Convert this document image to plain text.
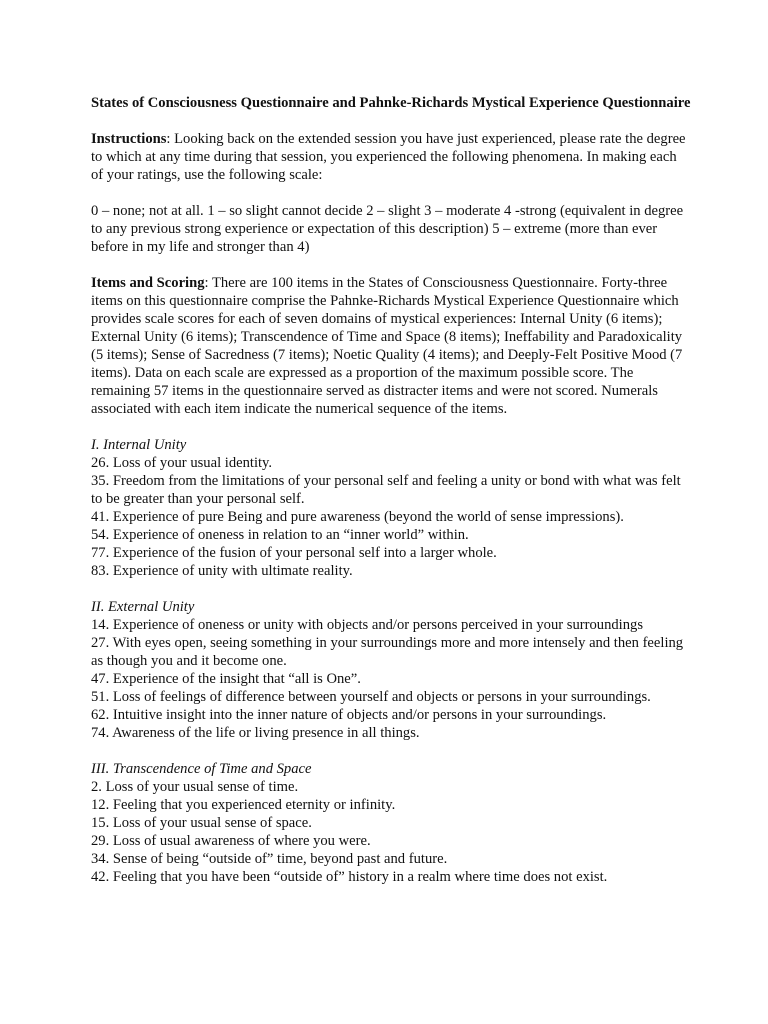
States of Consciousness Questionnaire and Pahnke-Richards Mystical Experience Questionnaire

Instructions: Looking back on the extended session you have just experienced, please rate the degree to which at any time during that session, you experienced the following phenomena. In making each of your ratings, use the following scale:

0 – none; not at all. 1 – so slight cannot decide 2 – slight 3 – moderate 4 -strong (equivalent in degree to any previous strong experience or expectation of this description) 5 – extreme (more than ever before in my life and stronger than 4)

Items and Scoring: There are 100 items in the States of Consciousness Questionnaire. Forty-three items on this questionnaire comprise the Pahnke-Richards Mystical Experience Questionnaire which provides scale scores for each of seven domains of mystical experiences: Internal Unity (6 items); External Unity (6 items); Transcendence of Time and Space (8 items); Ineffability and Paradoxicality (5 items); Sense of Sacredness (7 items); Noetic Quality (4 items); and Deeply-Felt Positive Mood (7 items). Data on each scale are expressed as a proportion of the maximum possible score. The remaining 57 items in the questionnaire served as distracter items and were not scored. Numerals associated with each item indicate the numerical sequence of the items.

I. Internal Unity
26. Loss of your usual identity.
35. Freedom from the limitations of your personal self and feeling a unity or bond with what was felt to be greater than your personal self.
41. Experience of pure Being and pure awareness (beyond the world of sense impressions).
54. Experience of oneness in relation to an “inner world” within.
77. Experience of the fusion of your personal self into a larger whole.
83. Experience of unity with ultimate reality.
II. External Unity
14. Experience of oneness or unity with objects and/or persons perceived in your surroundings
27. With eyes open, seeing something in your surroundings more and more intensely and then feeling as though you and it become one.
47. Experience of the insight that “all is One”.
51. Loss of feelings of difference between yourself and objects or persons in your surroundings.
62. Intuitive insight into the inner nature of objects and/or persons in your surroundings.
74. Awareness of the life or living presence in all things.
III. Transcendence of Time and Space
2. Loss of your usual sense of time.
12. Feeling that you experienced eternity or infinity.
15. Loss of your usual sense of space.
29. Loss of usual awareness of where you were.
34. Sense of being “outside of” time, beyond past and future.
42. Feeling that you have been “outside of” history in a realm where time does not exist.
